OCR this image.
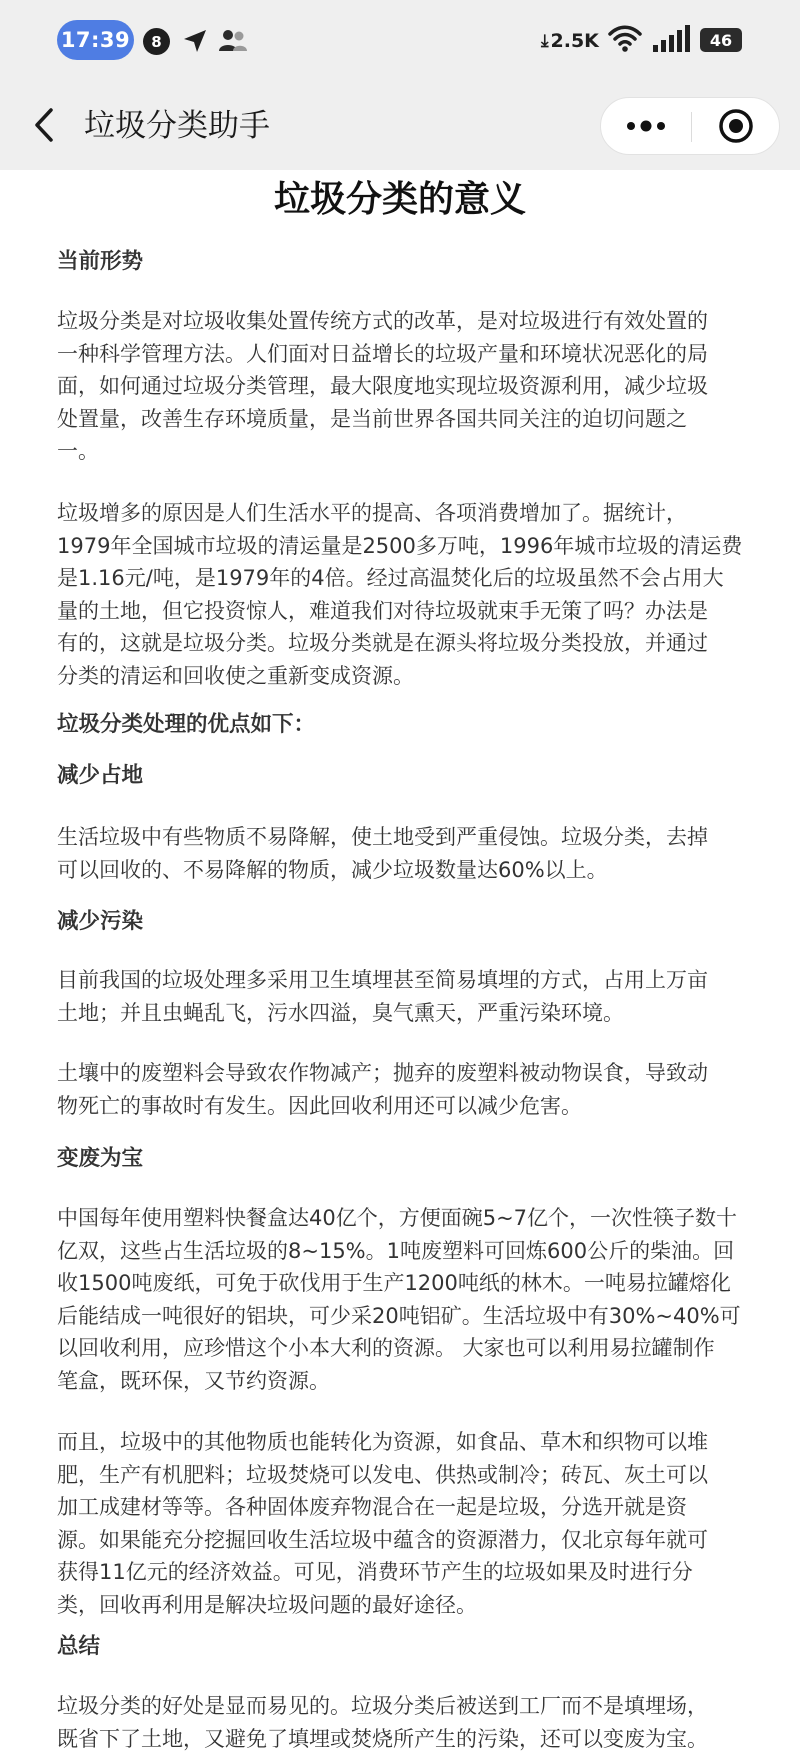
17:39	8	⤓ 2.5K	46
垃圾分类助手
垃圾分类的意义
当前形势
垃圾分类是对垃圾收集处置传统方式的改革，是对垃圾进行有效处置的
一种科学管理方法。人们面对日益增长的垃圾产量和环境状况恶化的局
面，如何通过垃圾分类管理，最大限度地实现垃圾资源利用，减少垃圾
处置量，改善生存环境质量，是当前世界各国共同关注的迫切问题之
一。
垃圾增多的原因是人们生活水平的提高、各项消费增加了。据统计，
1979年全国城市垃圾的清运量是2500多万吨，1996年城市垃圾的清运费
是1.16元/吨，是1979年的4倍。经过高温焚化后的垃圾虽然不会占用大
量的土地，但它投资惊人，难道我们对待垃圾就束手无策了吗？办法是
有的，这就是垃圾分类。垃圾分类就是在源头将垃圾分类投放，并通过
分类的清运和回收使之重新变成资源。
垃圾分类处理的优点如下：
减少占地
生活垃圾中有些物质不易降解，使土地受到严重侵蚀。垃圾分类，去掉
可以回收的、不易降解的物质，减少垃圾数量达60%以上。
减少污染
目前我国的垃圾处理多采用卫生填埋甚至简易填埋的方式，占用上万亩
土地；并且虫蝇乱飞，污水四溢，臭气熏天，严重污染环境。
土壤中的废塑料会导致农作物减产；抛弃的废塑料被动物误食，导致动
物死亡的事故时有发生。因此回收利用还可以减少危害。
变废为宝
中国每年使用塑料快餐盒达40亿个，方便面碗5~7亿个，一次性筷子数十
亿双，这些占生活垃圾的8~15%。1吨废塑料可回炼600公斤的柴油。回
收1500吨废纸，可免于砍伐用于生产1200吨纸的林木。一吨易拉罐熔化
后能结成一吨很好的铝块，可少采20吨铝矿。生活垃圾中有30%~40%可
以回收利用，应珍惜这个小本大利的资源。 大家也可以利用易拉罐制作
笔盒，既环保，又节约资源。
而且，垃圾中的其他物质也能转化为资源，如食品、草木和织物可以堆
肥，生产有机肥料；垃圾焚烧可以发电、供热或制冷；砖瓦、灰土可以
加工成建材等等。各种固体废弃物混合在一起是垃圾，分选开就是资
源。如果能充分挖掘回收生活垃圾中蕴含的资源潜力，仅北京每年就可
获得11亿元的经济效益。可见，消费环节产生的垃圾如果及时进行分
类，回收再利用是解决垃圾问题的最好途径。
总结
垃圾分类的好处是显而易见的。垃圾分类后被送到工厂而不是填埋场，
既省下了土地，又避免了填埋或焚烧所产生的污染，还可以变废为宝。
